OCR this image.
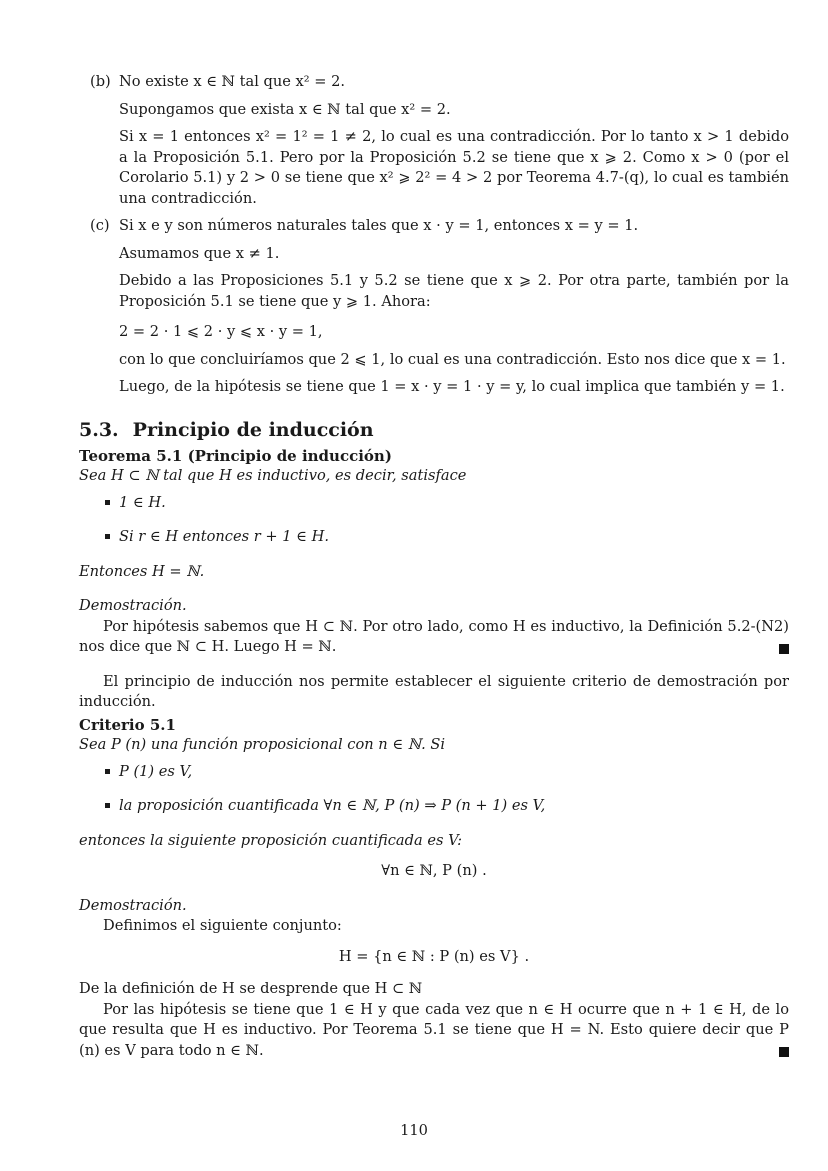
(b) No existe x ∈ ℕ tal que x² = 2.

Supongamos que exista x ∈ ℕ tal que x² = 2.

Si x = 1 entonces x² = 1² = 1 ≠ 2, lo cual es una contradicción. Por lo tanto x > 1 debido a la Proposición 5.1. Pero por la Proposición 5.2 se tiene que x ⩾ 2. Como x > 0 (por el Corolario 5.1) y 2 > 0 se tiene que x² ⩾ 2² = 4 > 2 por Teorema 4.7-(q), lo cual es también una contradicción.

(c) Si x e y son números naturales tales que x · y = 1, entonces x = y = 1.

Asumamos que x ≠ 1.

Debido a las Proposiciones 5.1 y 5.2 se tiene que x ⩾ 2. Por otra parte, también por la Proposición 5.1 se tiene que y ⩾ 1. Ahora:

2 = 2 · 1 ⩽ 2 · y ⩽ x · y = 1,

con lo que concluiríamos que 2 ⩽ 1, lo cual es una contradicción. Esto nos dice que x = 1.

Luego, de la hipótesis se tiene que 1 = x · y = 1 · y = y, lo cual implica que también y = 1.

5.3. Principio de inducción

Teorema 5.1 (Principio de inducción)

Sea H ⊂ ℕ tal que H es inductivo, es decir, satisface

1 ∈ H.
Si r ∈ H entonces r + 1 ∈ H.

Entonces H = ℕ.

Demostración.

Por hipótesis sabemos que H ⊂ ℕ. Por otro lado, como H es inductivo, la Definición 5.2-(N2) nos dice que ℕ ⊂ H. Luego H = ℕ.

El principio de inducción nos permite establecer el siguiente criterio de demostración por inducción.

Criterio 5.1

Sea P (n) una función proposicional con n ∈ ℕ. Si

P (1) es V,
la proposición cuantificada ∀n ∈ ℕ, P (n) ⇒ P (n + 1) es V,

entonces la siguiente proposición cuantificada es V:

∀n ∈ ℕ, P (n) .

Demostración.

Definimos el siguiente conjunto:

H = {n ∈ ℕ : P (n) es V} .

De la definición de H se desprende que H ⊂ ℕ

Por las hipótesis se tiene que 1 ∈ H y que cada vez que n ∈ H ocurre que n + 1 ∈ H, de lo que resulta que H es inductivo. Por Teorema 5.1 se tiene que H = N. Esto quiere decir que P (n) es V para todo n ∈ ℕ.

110
